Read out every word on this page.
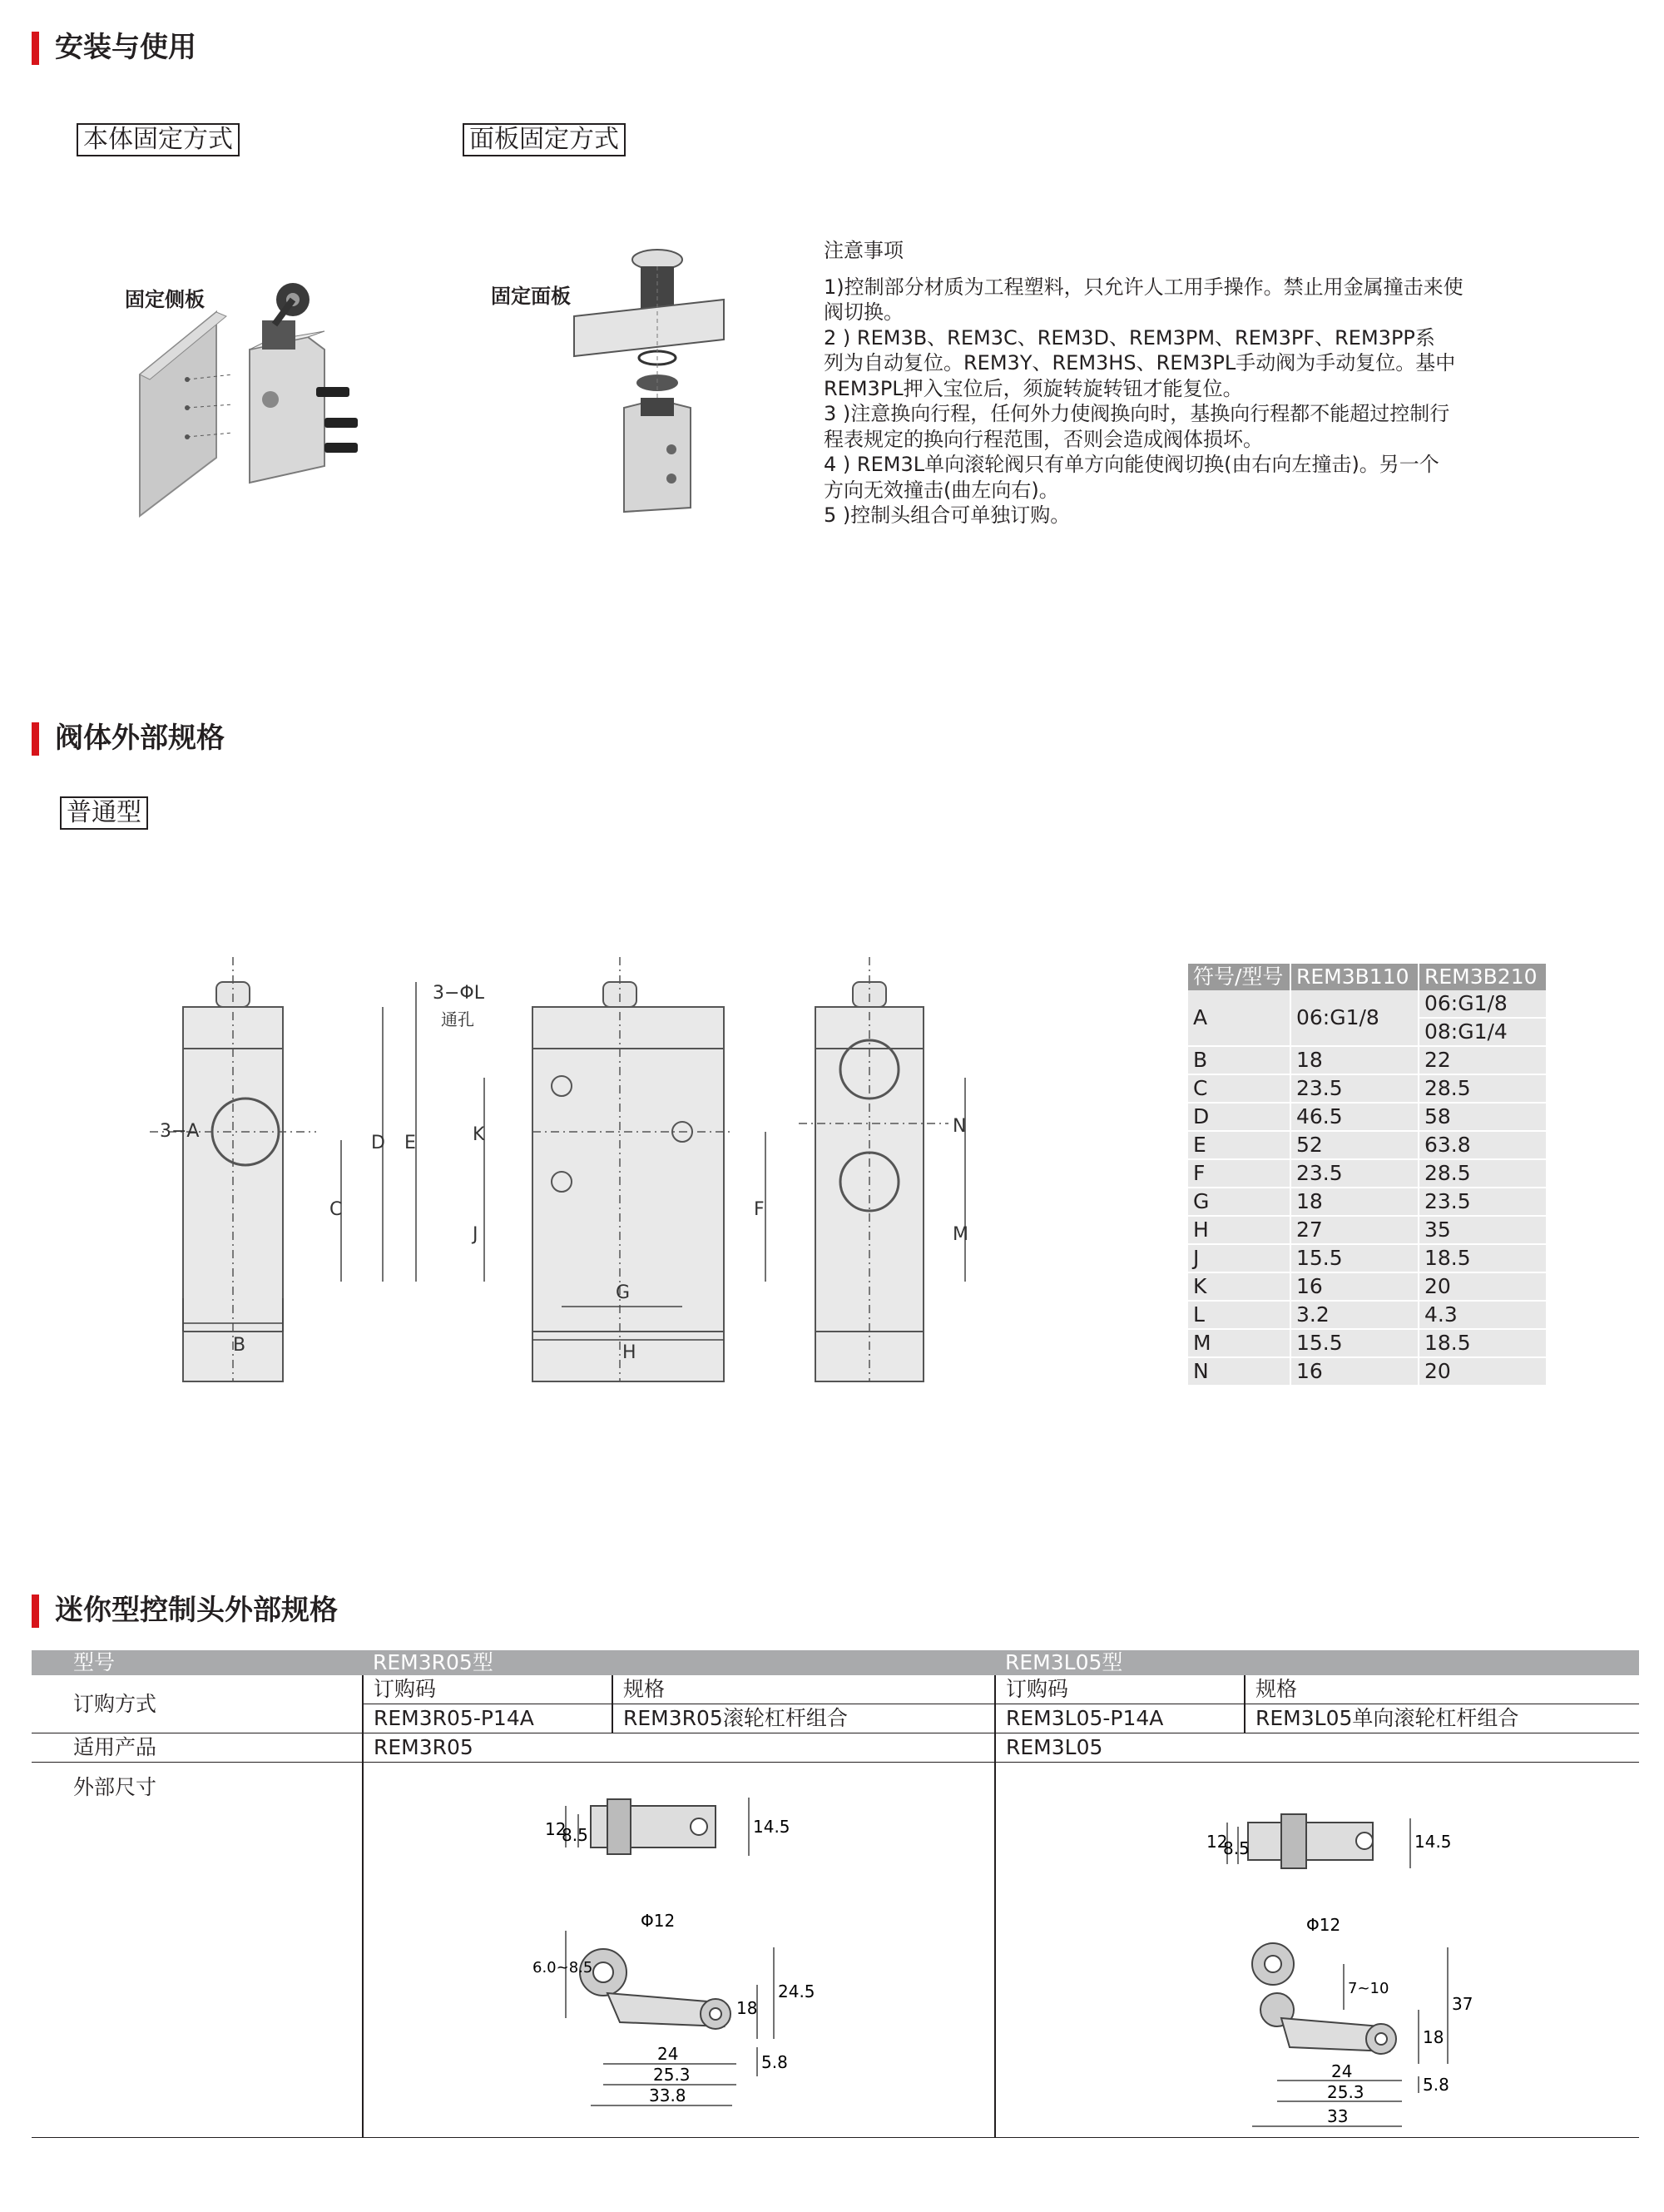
安装与使用
本体固定方式	面板固定方式
固定侧板	固定面板
注意事项
1)控制部分材质为工程塑料，只允许人工用手操作。禁止用金属撞击来使
阀切换。
2 ) REM3B、REM3C、REM3D、REM3PM、REM3PF、REM3PP系
列为自动复位。REM3Y、REM3HS、REM3PL手动阀为手动复位。基中
REM3PL押入宝位后，须旋转旋转钮才能复位。
3 )注意换向行程，任何外力使阀换向时，基换向行程都不能超过控制行
程表规定的换向行程范围，否则会造成阀体损坏。
4 ) REM3L单向滚轮阀只有单方向能使阀切换(由右向左撞击)。另一个
方向无效撞击(曲左向右)。
5 )控制头组合可单独订购。
阀体外部规格
普通型
3−A
B
C
D E
3−ΦL
通孔
K
J
F
G
H
N
M
符号/型号	REM3B110	REM3B210
A	06:G1/8	06:G1/8
		08:G1/4
B	18	22
C	23.5	28.5
D	46.5	58
E	52	63.8
F	23.5	28.5
G	18	23.5
H	27	35
J	15.5	18.5
K	16	20
L	3.2	4.3
M	15.5	18.5
N	16	20
迷你型控制头外部规格
型号	REM3R05型		REM3L05型	
订购方式	订购码	规格	订购码	规格
	REM3R05-P14A	REM3R05滚轮杠杆组合	REM3L05-P14A	REM3L05单向滚轮杠杆组合
适用产品	REM3R05		REM3L05	
外部尺寸				
12
8.5	14.5
Φ12
6.0~8.5
18
24.5
5.8
24
25.3
33.8
12
8.5	14.5
Φ12
7~10
37
18
5.8
24
25.3
33
